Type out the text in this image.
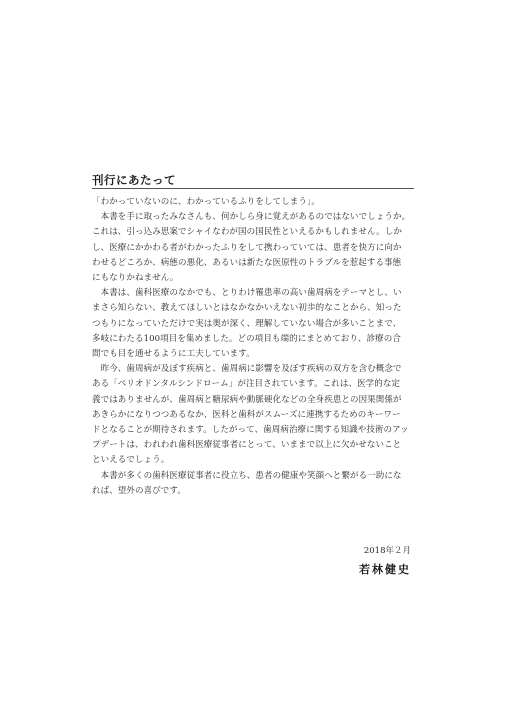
刊行にあたって

「わかっていないのに、わかっているふりをしてしまう」。

　本書を手に取ったみなさんも、何かしら身に覚えがあるのではないでしょうか。
これは、引っ込み思案でシャイなわが国の国民性といえるかもしれません。しか
し、医療にかかわる者がわかったふりをして携わっていては、患者を快方に向か
わせるどころか、病態の悪化、あるいは新たな医原性のトラブルを惹起する事態
にもなりかねません。

　本書は、歯科医療のなかでも、とりわけ罹患率の高い歯周病をテーマとし、い
まさら知らない、教えてほしいとはなかなかいえない初歩的なことから、知った
つもりになっていただけで実は奥が深く、理解していない場合が多いことまで、
多岐にわたる100項目を集めました。どの項目も端的にまとめており、診療の合
間でも目を通せるように工夫しています。

　昨今、歯周病が及ぼす疾病と、歯周病に影響を及ぼす疾病の双方を含む概念で
ある「ペリオドンタルシンドローム」が注目されています。これは、医学的な定
義ではありませんが、歯周病と糖尿病や動脈硬化などの全身疾患との因果関係が
あきらかになりつつあるなか、医科と歯科がスムーズに連携するためのキーワー
ドとなることが期待されます。したがって、歯周病治療に関する知識や技術のアッ
プデートは、われわれ歯科医療従事者にとって、いままで以上に欠かせないこと
といえるでしょう。

　本書が多くの歯科医療従事者に役立ち、患者の健康や笑顔へと繋がる一助にな
れば、望外の喜びです。

2018年２月

若林健史
